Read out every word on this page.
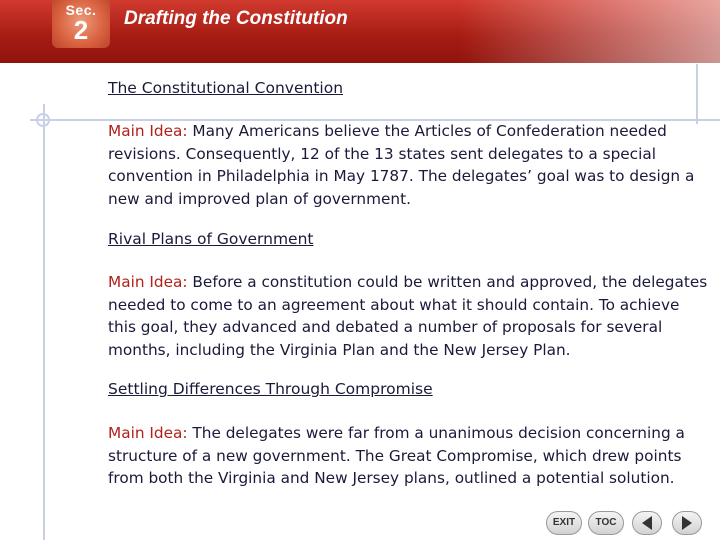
Sec.
2	Drafting the Constitution

The Constitutional Convention

Main Idea: Many Americans believe the Articles of Confederation needed revisions. Consequently, 12 of the 13 states sent delegates to a special convention in Philadelphia in May 1787. The delegates’ goal was to design a new and improved plan of government.

Rival Plans of Government

Main Idea: Before a constitution could be written and approved, the delegates needed to come to an agreement about what it should contain. To achieve this goal, they advanced and debated a number of proposals for several months, including the Virginia Plan and the New Jersey Plan.

Settling Differences Through Compromise

Main Idea: The delegates were far from a unanimous decision concerning a structure of a new government. The Great Compromise, which drew points from both the Virginia and New Jersey plans, outlined a potential solution.

EXIT	TOC
